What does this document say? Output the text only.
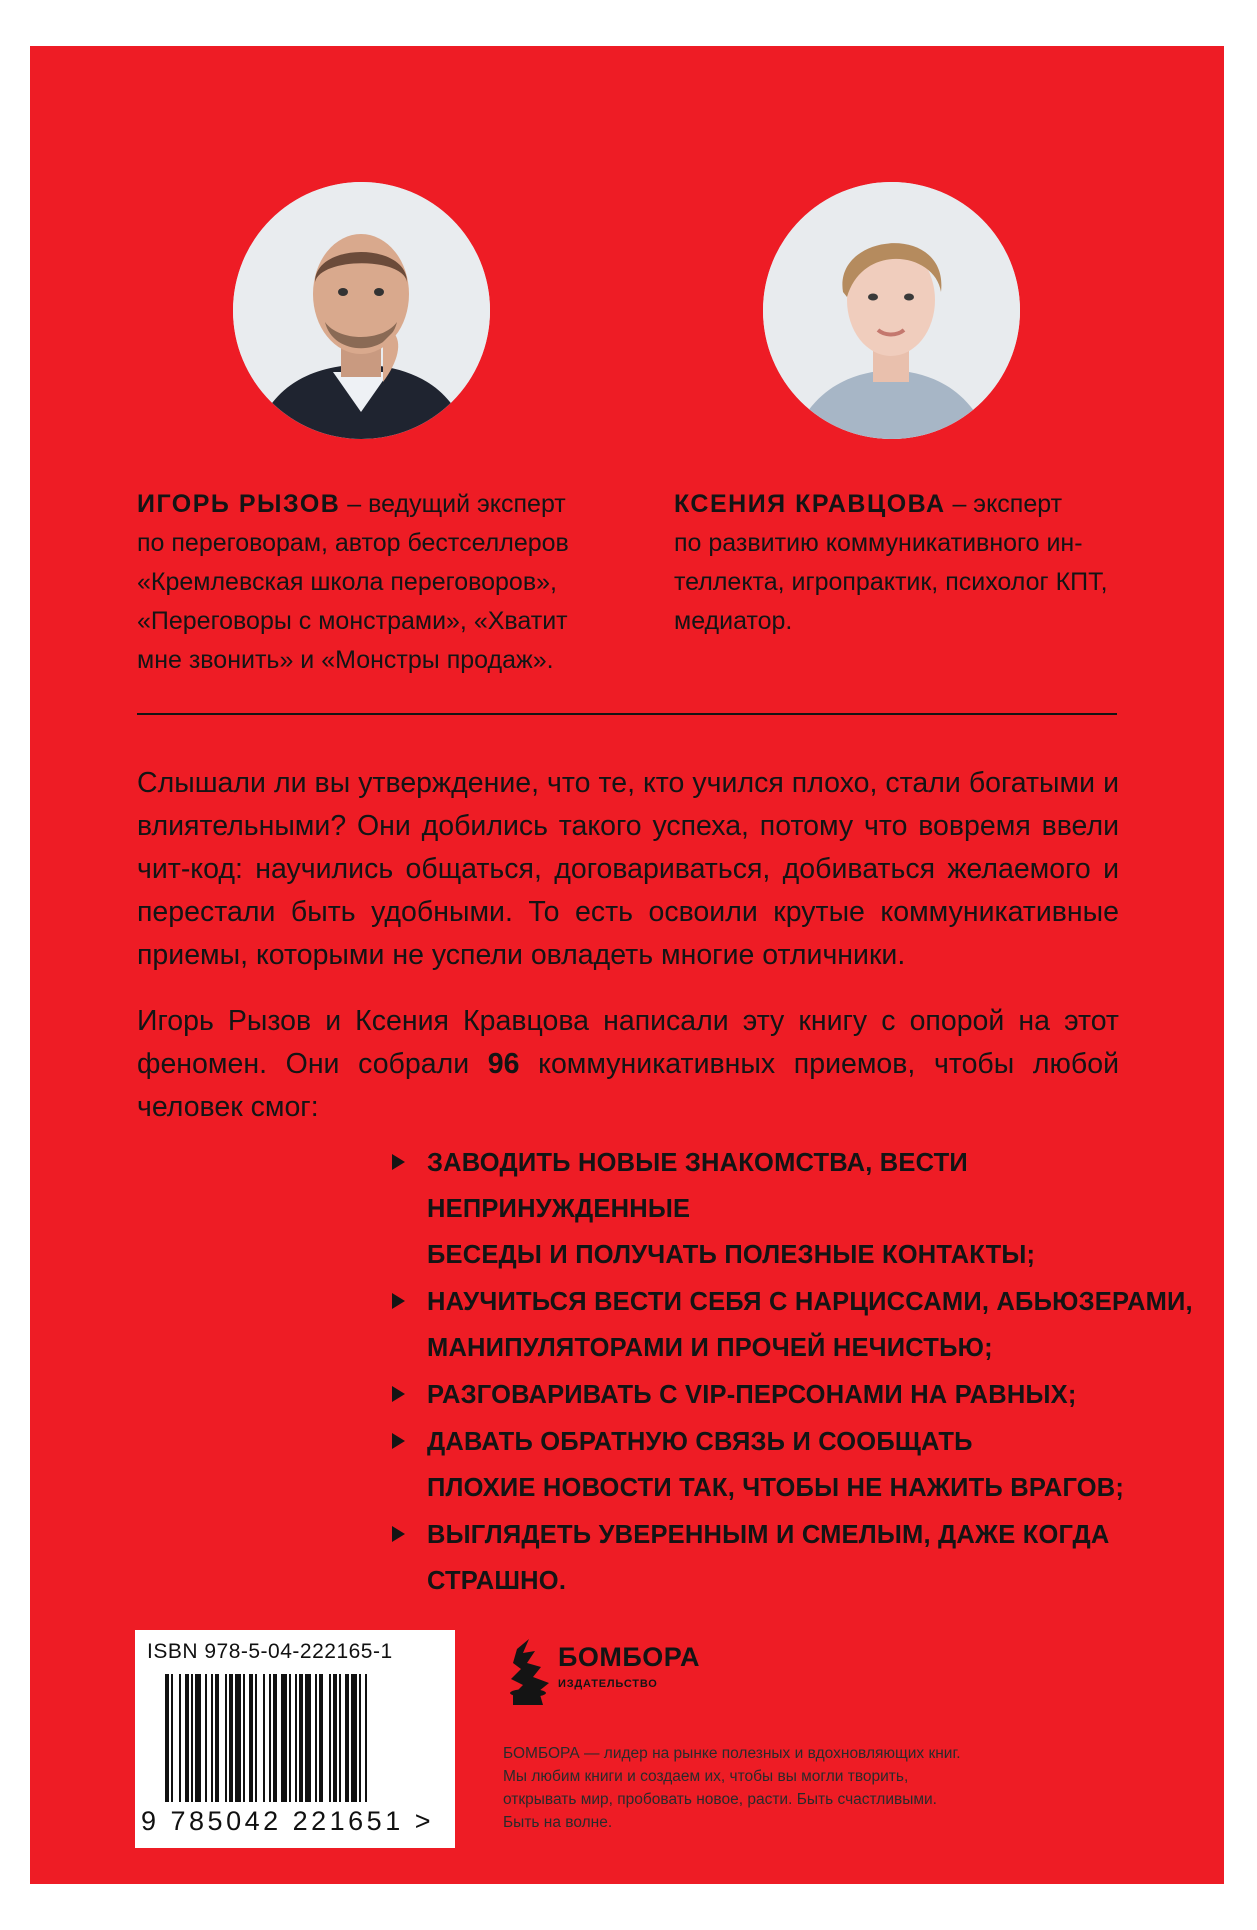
ИГОРЬ РЫЗОВ – ведущий эксперт
по переговорам, автор бестселлеров
«Кремлевская школа переговоров»,
«Переговоры с монстрами», «Хватит
мне звонить» и «Монстры продаж».
КСЕНИЯ КРАВЦОВА – эксперт
по развитию коммуникативного ин-
теллекта, игропрактик, психолог КПТ,
медиатор.

Слышали ли вы утверждение, что те, кто учился плохо, стали богатыми и влиятельными? Они добились такого успеха, потому что вовремя ввели чит-код: научились общаться, договариваться, добиваться желаемого и перестали быть удобными. То есть освоили крутые коммуникативные приемы, которыми не успели овладеть многие отличники.

Игорь Рызов и Ксения Кравцова написали эту книгу с опорой на этот феномен. Они собрали 96 коммуникативных приемов, чтобы любой человек смог:

ЗАВОДИТЬ НОВЫЕ ЗНАКОМСТВА, ВЕСТИ НЕПРИНУЖДЕННЫЕ
БЕСЕДЫ И ПОЛУЧАТЬ ПОЛЕЗНЫЕ КОНТАКТЫ;
НАУЧИТЬСЯ ВЕСТИ СЕБЯ С НАРЦИССАМИ, АБЬЮЗЕРАМИ,
МАНИПУЛЯТОРАМИ И ПРОЧЕЙ НЕЧИСТЬЮ;
РАЗГОВАРИВАТЬ С VIP-ПЕРСОНАМИ НА РАВНЫХ;
ДАВАТЬ ОБРАТНУЮ СВЯЗЬ И СООБЩАТЬ
ПЛОХИЕ НОВОСТИ ТАК, ЧТОБЫ НЕ НАЖИТЬ ВРАГОВ;
ВЫГЛЯДЕТЬ УВЕРЕННЫМ И СМЕЛЫМ, ДАЖЕ КОГДА СТРАШНО.
ISBN 978-5-04-222165-1
9 785042 221651 >
БОМБОРА
ИЗДАТЕЛЬСТВО
БОМБОРА — лидер на рынке полезных и вдохновляющих книг. Мы любим книги и создаем их, чтобы вы могли творить, открывать мир, пробовать новое, расти. Быть счастливыми. Быть на волне.
